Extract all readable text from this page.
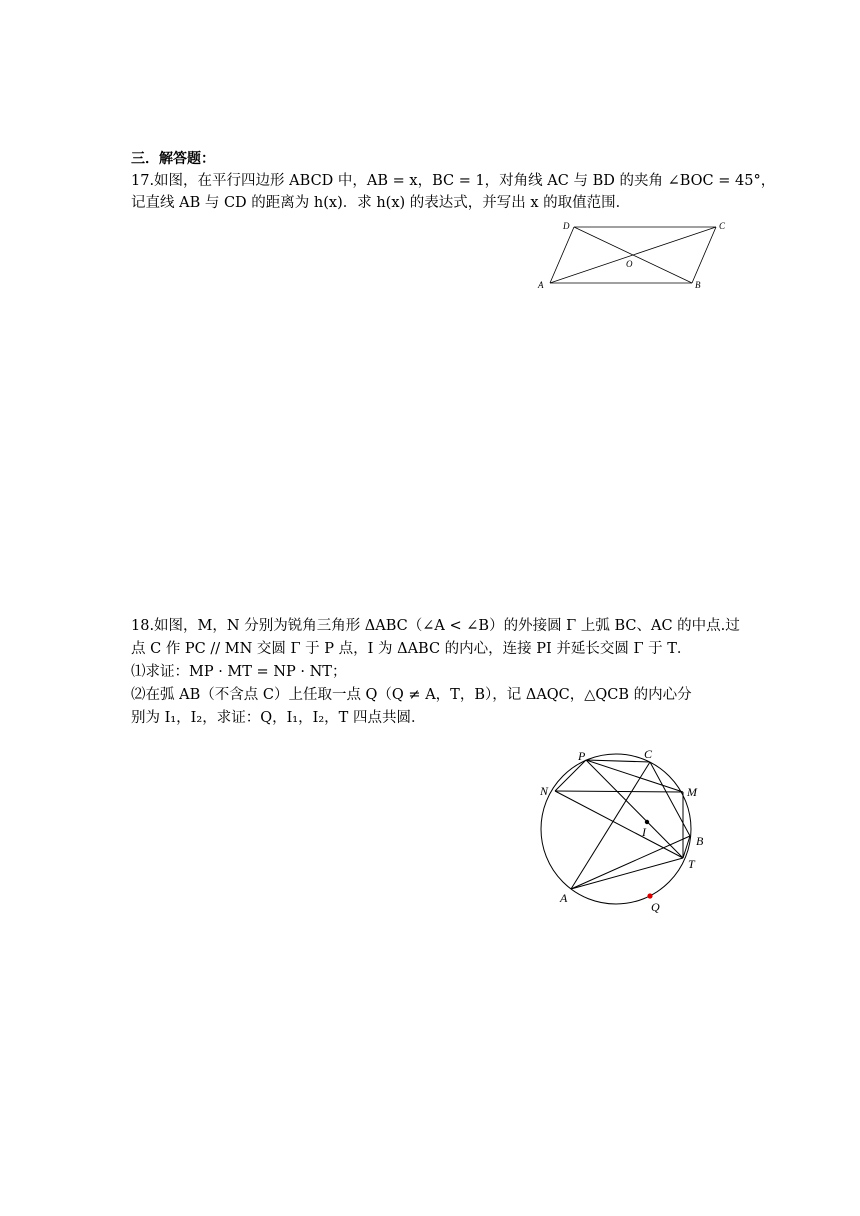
三．解答题：
17.如图，在平行四边形 ABCD 中，AB = x，BC = 1，对角线 AC 与 BD 的夹角 ∠BOC = 45°，
记直线 AB 与 CD 的距离为 h(x)．求 h(x) 的表达式，并写出 x 的取值范围．
A	B
C
D
O
18.如图，M，N 分别为锐角三角形 ΔABC（∠A < ∠B）的外接圆 Γ 上弧 BC、AC 的中点.过
点 C 作 PC // MN 交圆 Γ 于 P 点，I 为 ΔABC 的内心，连接 PI 并延长交圆 Γ 于 T．
⑴求证：MP · MT = NP · NT；
⑵在弧 AB（不含点 C）上任取一点 Q（Q ≠ A，T，B），记 ΔAQC，△QCB 的内心分
别为 I₁，I₂，求证：Q，I₁，I₂，T 四点共圆．
P	C
N	M
I
B
T
A
Q
